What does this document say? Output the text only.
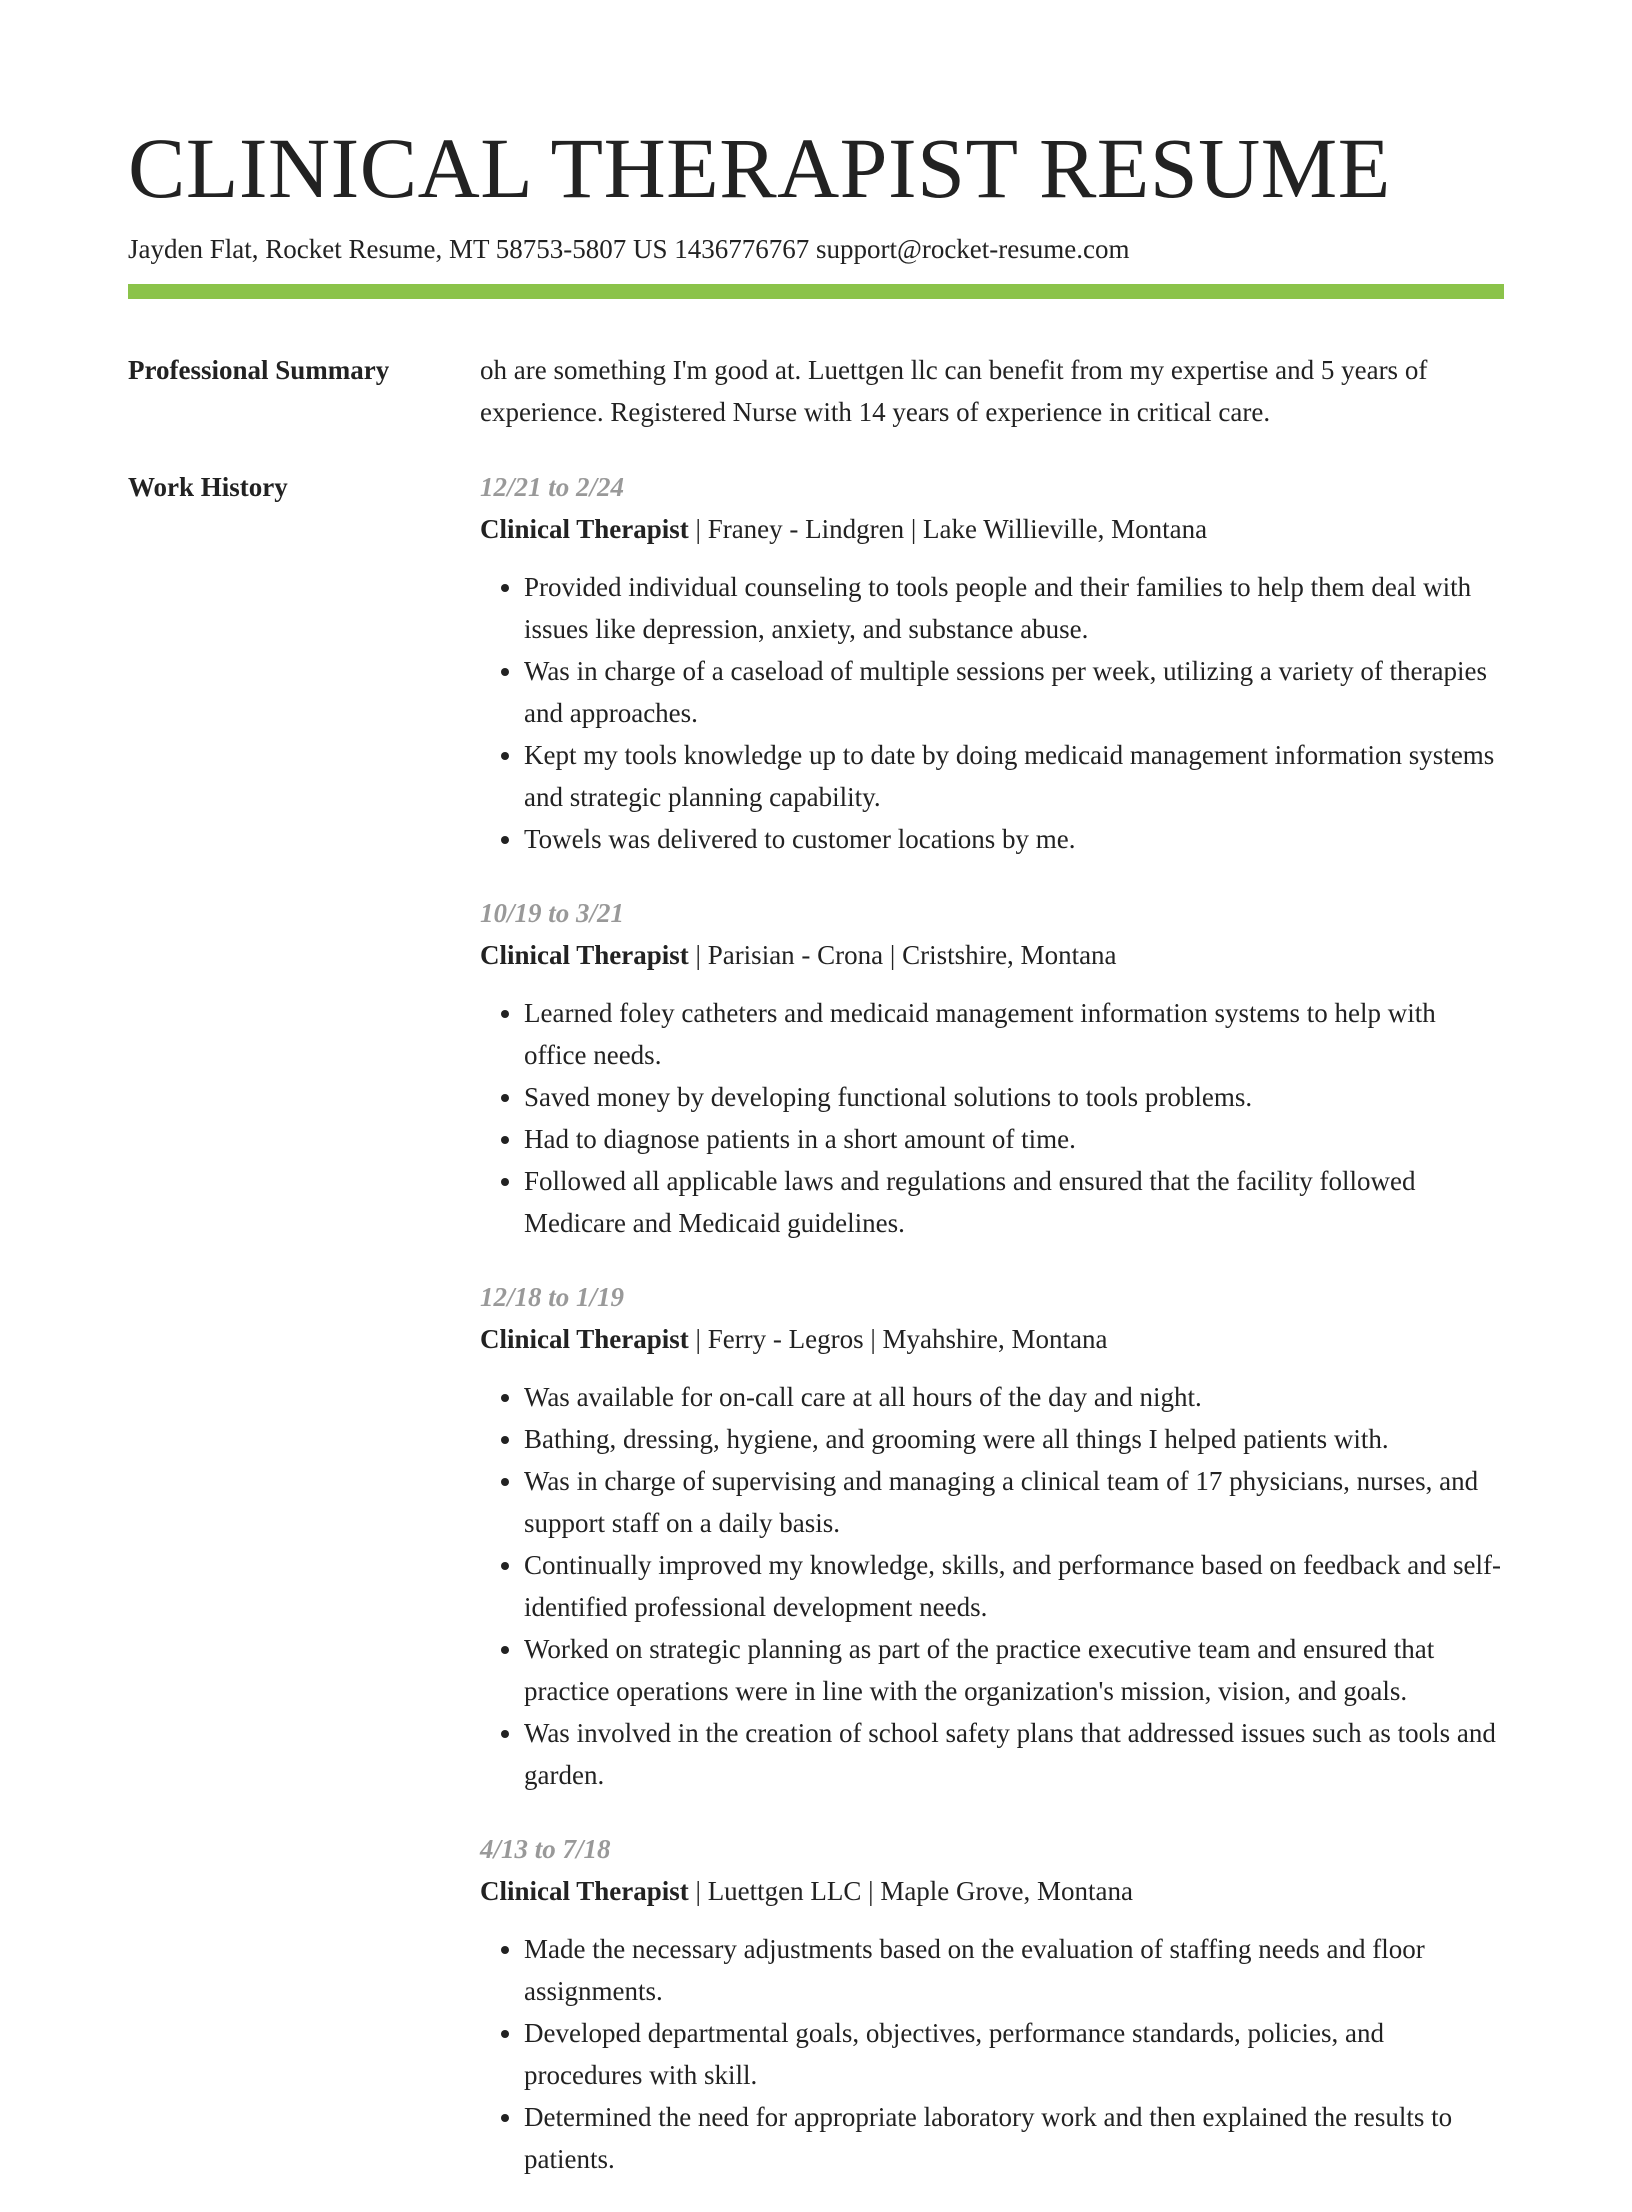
CLINICAL THERAPIST RESUME
Jayden Flat, Rocket Resume, MT 58753-5807 US 1436776767 support@rocket-resume.com
Professional Summary	oh are something I'm good at. Luettgen llc can benefit from my expertise and 5 years of experience. Registered Nurse with 14 years of experience in critical care.

Work History	12/21 to 2/24
Clinical Therapist | Franey - Lindgren | Lake Willieville, Montana
• Provided individual counseling to tools people and their families to help them deal with issues like depression, anxiety, and substance abuse.
• Was in charge of a caseload of multiple sessions per week, utilizing a variety of therapies and approaches.
• Kept my tools knowledge up to date by doing medicaid management information systems and strategic planning capability.
• Towels was delivered to customer locations by me.
10/19 to 3/21
Clinical Therapist | Parisian - Crona | Cristshire, Montana
• Learned foley catheters and medicaid management information systems to help with office needs.
• Saved money by developing functional solutions to tools problems.
• Had to diagnose patients in a short amount of time.
• Followed all applicable laws and regulations and ensured that the facility followed Medicare and Medicaid guidelines.
12/18 to 1/19
Clinical Therapist | Ferry - Legros | Myahshire, Montana
• Was available for on-call care at all hours of the day and night.
• Bathing, dressing, hygiene, and grooming were all things I helped patients with.
• Was in charge of supervising and managing a clinical team of 17 physicians, nurses, and support staff on a daily basis.
• Continually improved my knowledge, skills, and performance based on feedback and self-identified professional development needs.
• Worked on strategic planning as part of the practice executive team and ensured that practice operations were in line with the organization's mission, vision, and goals.
• Was involved in the creation of school safety plans that addressed issues such as tools and garden.
4/13 to 7/18
Clinical Therapist | Luettgen LLC | Maple Grove, Montana
• Made the necessary adjustments based on the evaluation of staffing needs and floor assignments.
• Developed departmental goals, objectives, performance standards, policies, and procedures with skill.
• Determined the need for appropriate laboratory work and then explained the results to patients.
